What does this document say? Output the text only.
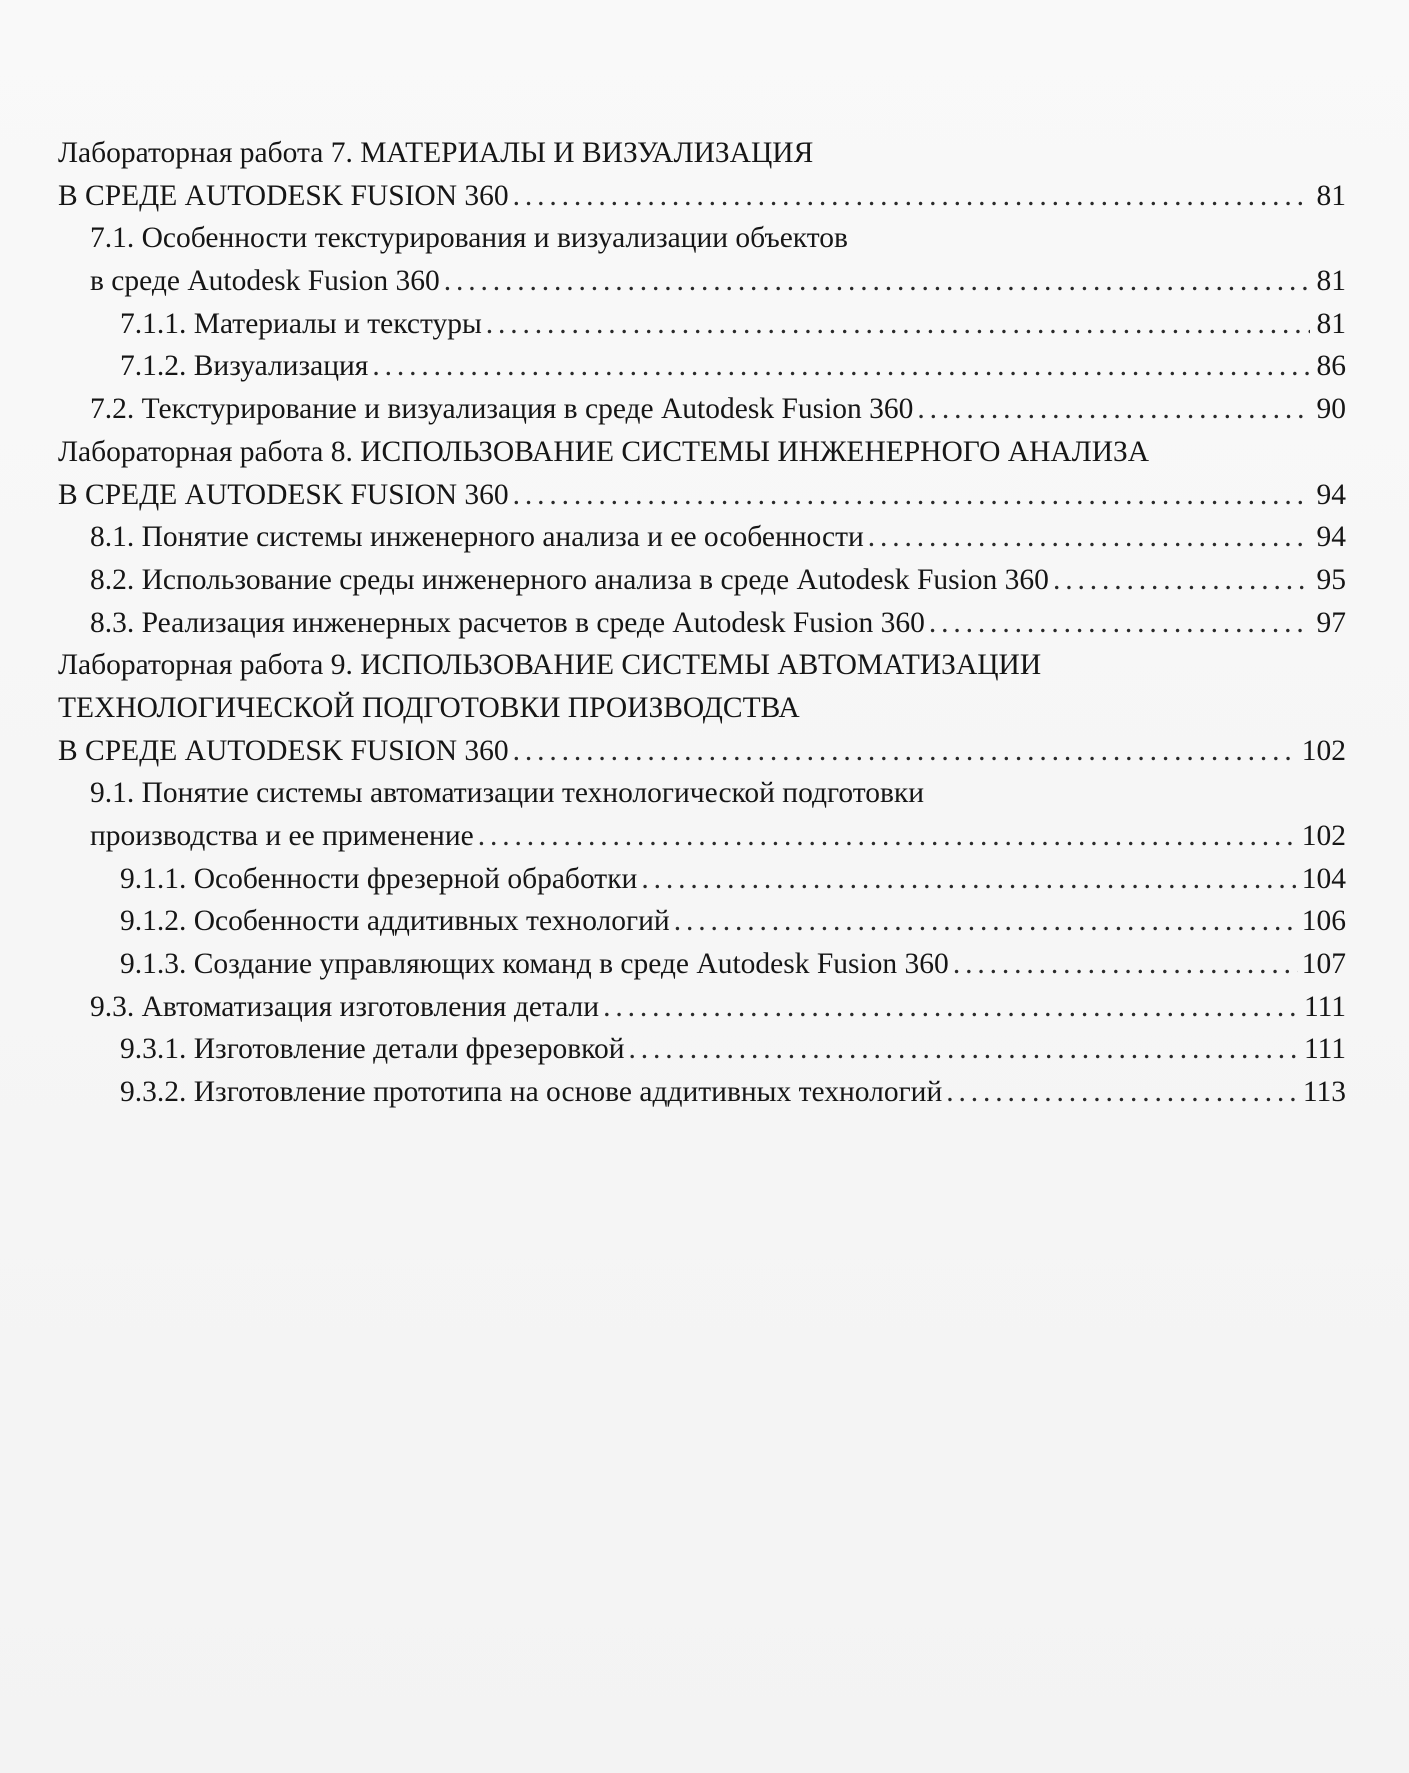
Лабораторная работа 7. МАТЕРИАЛЫ И ВИЗУАЛИЗАЦИЯ
В СРЕДЕ AUTODESK FUSION 360 . . .	81
7.1. Особенности текстурирования и визуализации объектов
в среде Autodesk Fusion 360 . . .	81
7.1.1. Материалы и текстуры . . .	81
7.1.2. Визуализация . . .	86
7.2. Текстурирование и визуализация в среде Autodesk Fusion 360 . . .	90
Лабораторная работа 8. ИСПОЛЬЗОВАНИЕ СИСТЕМЫ ИНЖЕНЕРНОГО АНАЛИЗА
В СРЕДЕ AUTODESK FUSION 360 . . .	94
8.1. Понятие системы инженерного анализа и ее особенности . . .	94
8.2. Использование среды инженерного анализа в среде Autodesk Fusion 360 . . .	95
8.3. Реализация инженерных расчетов в среде Autodesk Fusion 360 . . .	97
Лабораторная работа 9. ИСПОЛЬЗОВАНИЕ СИСТЕМЫ АВТОМАТИЗАЦИИ
ТЕХНОЛОГИЧЕСКОЙ ПОДГОТОВКИ ПРОИЗВОДСТВА
В СРЕДЕ AUTODESK FUSION 360 . . .	102
9.1. Понятие системы автоматизации технологической подготовки
производства и ее применение . . .	102
9.1.1. Особенности фрезерной обработки . . .	104
9.1.2. Особенности аддитивных технологий . . .	106
9.1.3. Создание управляющих команд в среде Autodesk Fusion 360 . . .	107
9.3. Автоматизация изготовления детали . . .	111
9.3.1. Изготовление детали фрезеровкой . . .	111
9.3.2. Изготовление прототипа на основе аддитивных технологий . . .	113
